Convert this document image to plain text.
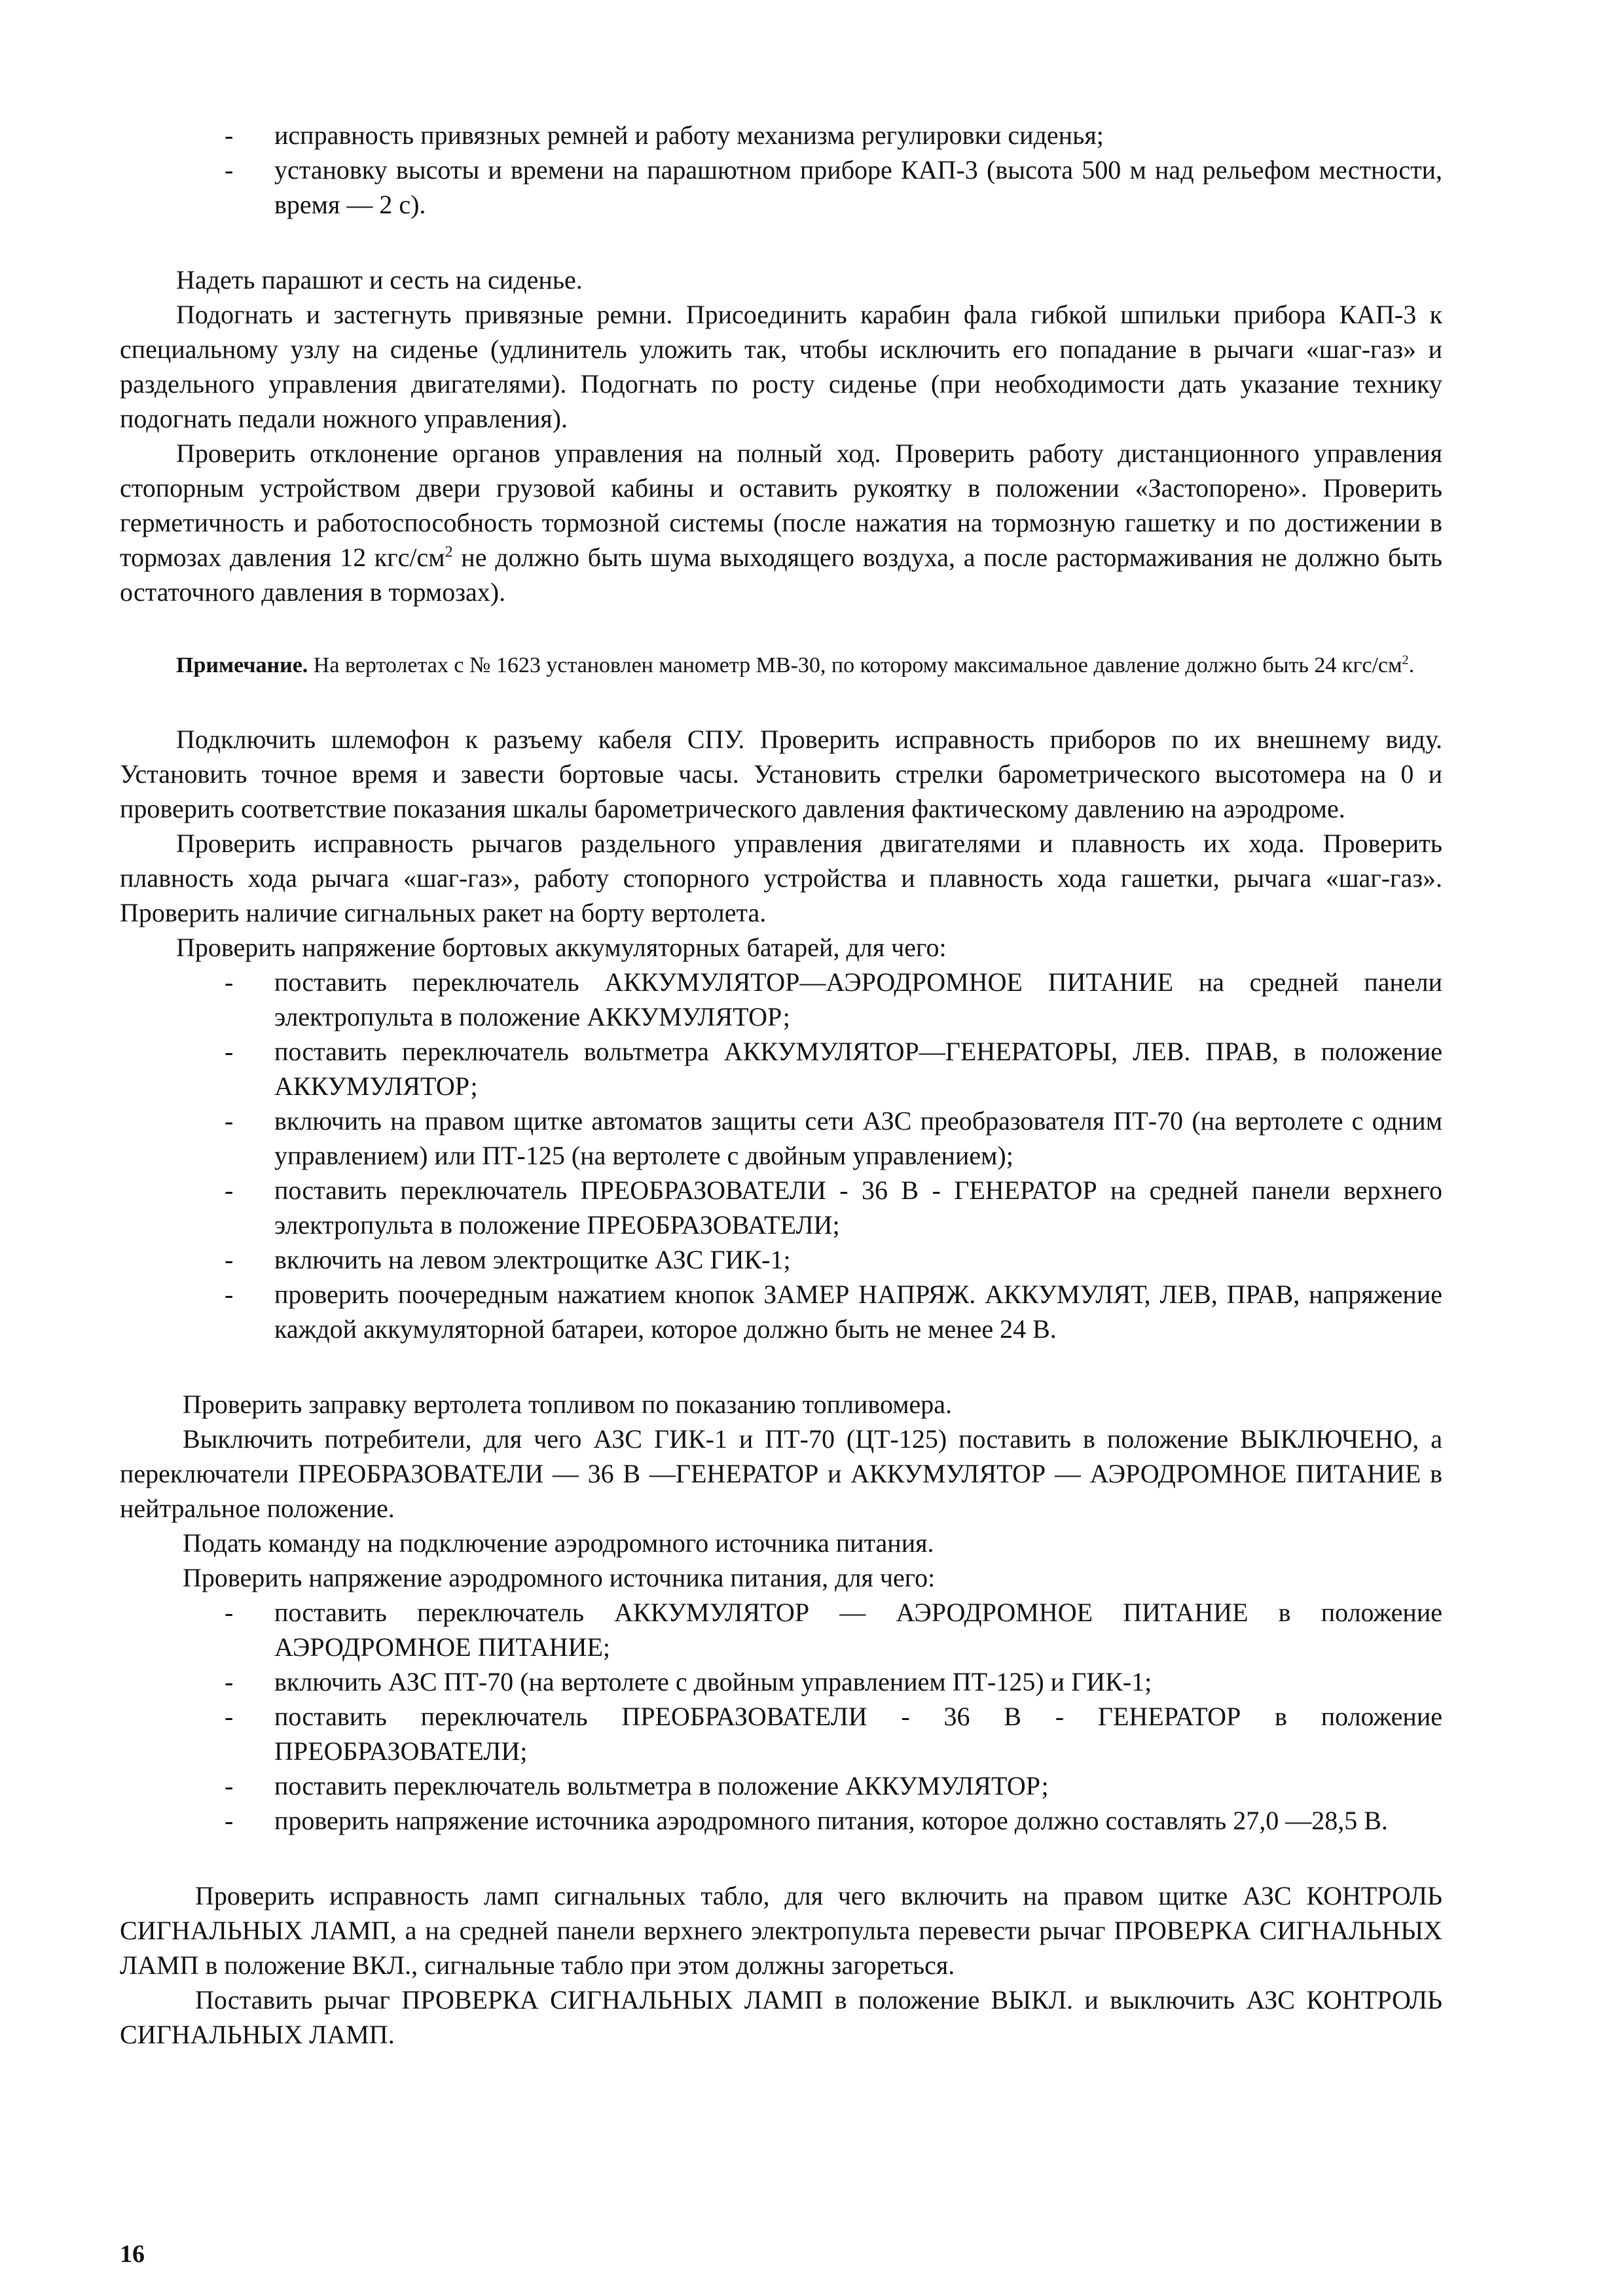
- исправность привязных ремней и работу механизма регулировки сиденья;
- установку высоты и времени на парашютном приборе КАП-3 (высота 500 м над рельефом местности, время — 2 с).

Надеть парашют и сесть на сиденье.

Подогнать и застегнуть привязные ремни. Присоединить карабин фала гибкой шпильки прибора КАП-3 к специальному узлу на сиденье (удлинитель уложить так, чтобы исключить его попадание в рычаги «шаг-газ» и раздельного управления двигателями). Подогнать по росту сиденье (при необходимости дать указание технику подогнать педали ножного управления).

Проверить отклонение органов управления на полный ход. Проверить работу дистанционного управления стопорным устройством двери грузовой кабины и оставить рукоятку в положении «Застопорено». Проверить герметичность и работоспособность тормозной системы (после нажатия на тормозную гашетку и по достижении в тормозах давления 12 кгс/$см^2$ не должно быть шума выходящего воздуха, а после растормаживания не должно быть остаточного давления в тормозах).

Примечание. На вертолетах с № 1623 установлен манометр МВ-30, по которому максимальное давление должно быть 24 кгс/$см^2$.

Подключить шлемофон к разъему кабеля СПУ. Проверить исправность приборов по их внешнему виду. Установить точное время и завести бортовые часы. Установить стрелки барометрического высотомера на 0 и проверить соответствие показания шкалы барометрического давления фактическому давлению на аэродроме.

Проверить исправность рычагов раздельного управления двигателями и плавность их хода. Проверить плавность хода рычага «шаг-газ», работу стопорного устройства и плавность хода гашетки, рычага «шаг-газ». Проверить наличие сигнальных ракет на борту вертолета.

Проверить напряжение бортовых аккумуляторных батарей, для чего:

- поставить переключатель АККУМУЛЯТОР—АЭРОДРОМНОЕ ПИТАНИЕ на средней панели электропульта в положение АККУМУЛЯТОР;
- поставить переключатель вольтметра АККУМУЛЯТОР—ГЕНЕРАТОРЫ, ЛЕВ. ПРАВ, в положение АККУМУЛЯТОР;
- включить на правом щитке автоматов защиты сети АЗС преобразователя ПТ-70 (на вертолете с одним управлением) или ПТ-125 (на вертолете с двойным управлением);
- поставить переключатель ПРЕОБРАЗОВАТЕЛИ - 36 В - ГЕНЕРАТОР на средней панели верхнего электропульта в положение ПРЕОБРАЗОВАТЕЛИ;
- включить на левом электрощитке АЗС ГИК-1;
- проверить поочередным нажатием кнопок ЗАМЕР НАПРЯЖ. АККУМУЛЯТ, ЛЕВ, ПРАВ, напряжение каждой аккумуляторной батареи, которое должно быть не менее 24 В.

Проверить заправку вертолета топливом по показанию топливомера.

Выключить потребители, для чего АЗС ГИК-1 и ПТ-70 (ЦТ-125) поставить в положение ВЫКЛЮЧЕНО, а переключатели ПРЕОБРАЗОВАТЕЛИ — 36 В —ГЕНЕРАТОР и АККУМУЛЯТОР — АЭРОДРОМНОЕ ПИТАНИЕ в нейтральное положение.

Подать команду на подключение аэродромного источника питания.

Проверить напряжение аэродромного источника питания, для чего:

- поставить переключатель АККУМУЛЯТОР — АЭРОДРОМНОЕ ПИТАНИЕ в положение АЭРОДРОМНОЕ ПИТАНИЕ;
- включить АЗС ПТ-70 (на вертолете с двойным управлением ПТ-125) и ГИК-1;
- поставить переключатель ПРЕОБРАЗОВАТЕЛИ - 36 В - ГЕНЕРАТОР в положение ПРЕОБРАЗОВАТЕЛИ;
- поставить переключатель вольтметра в положение АККУМУЛЯТОР;
- проверить напряжение источника аэродромного питания, которое должно составлять 27,0 —28,5 В.

Проверить исправность ламп сигнальных табло, для чего включить на правом щитке АЗС КОНТРОЛЬ СИГНАЛЬНЫХ ЛАМП, а на средней панели верхнего электропульта перевести рычаг ПРОВЕРКА СИГНАЛЬНЫХ ЛАМП в положение ВКЛ., сигнальные табло при этом должны загореться.

Поставить рычаг ПРОВЕРКА СИГНАЛЬНЫХ ЛАМП в положение ВЫКЛ. и выключить АЗС КОНТРОЛЬ СИГНАЛЬНЫХ ЛАМП.

16
